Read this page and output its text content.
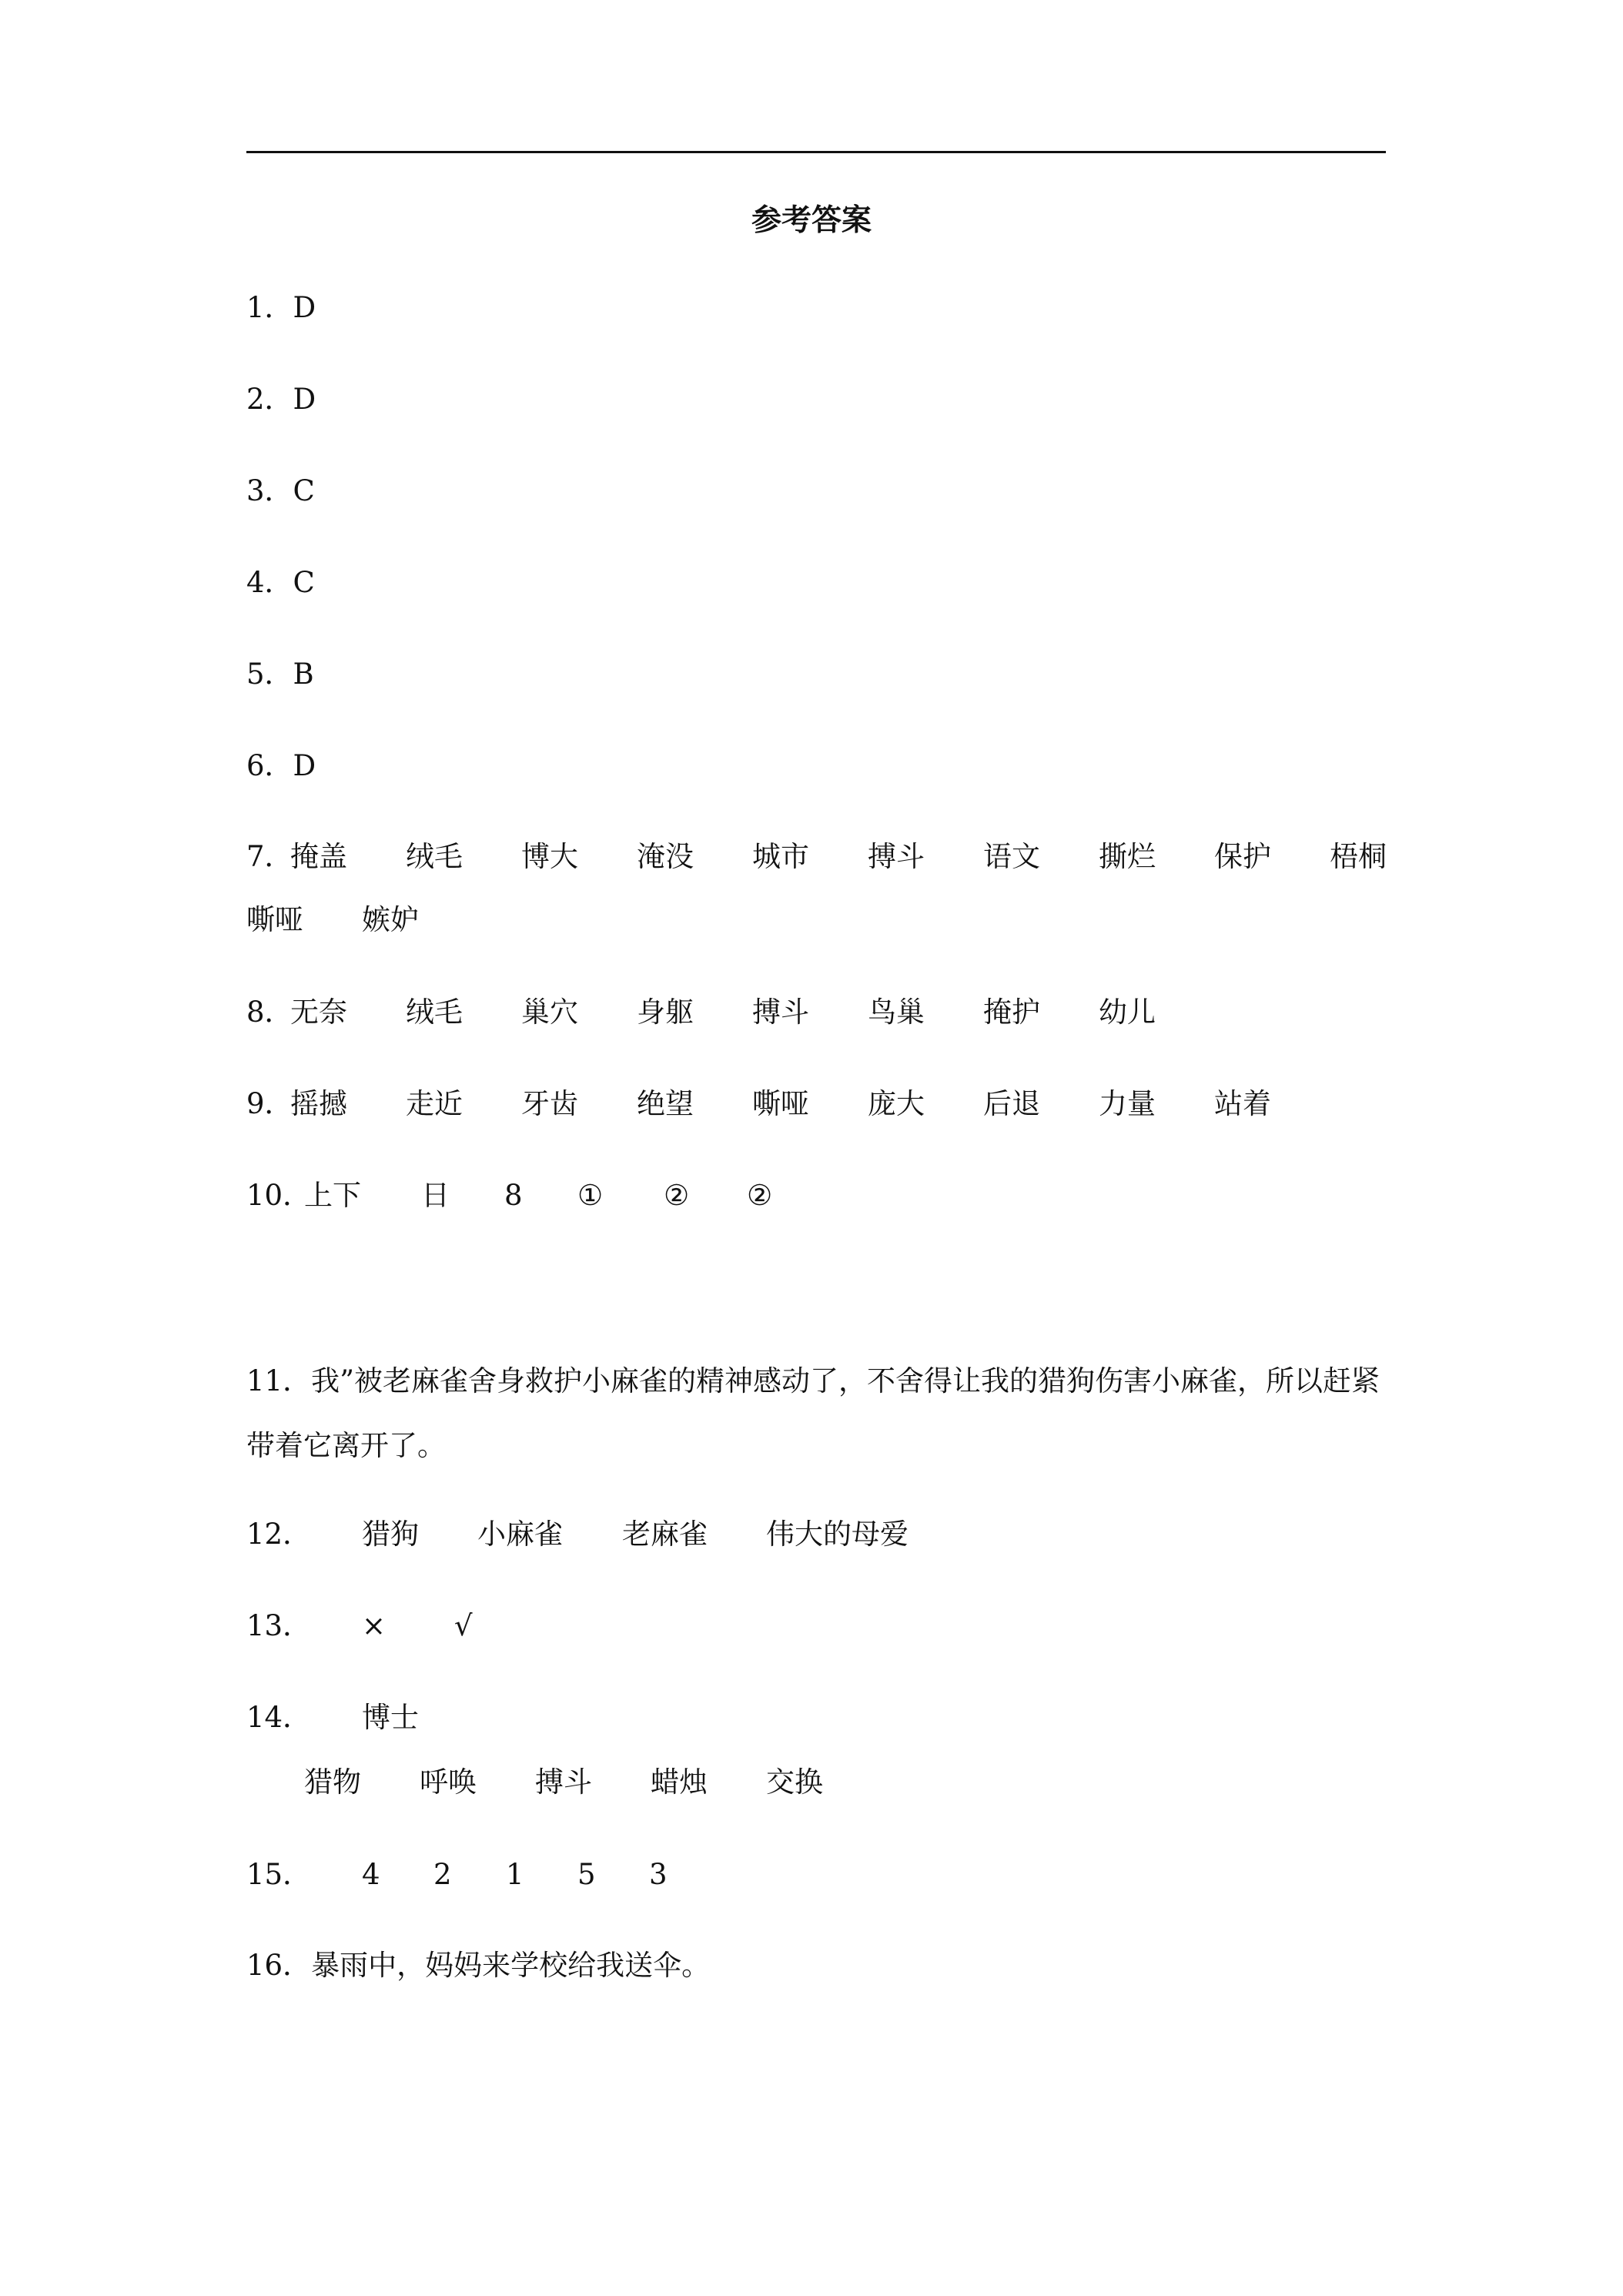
参考答案
1．D
2．D
3．C
4．C
5．B
6．D
7．
掩盖 绒毛 博大 淹没 城市 搏斗 语文 撕烂 保护 梧桐
嘶哑 嫉妒
8．
无奈 绒毛 巢穴 身躯 搏斗 鸟巢 掩护 幼儿
9．
摇撼 走近 牙齿 绝望 嘶哑 庞大 后退 力量 站着
10．
上下 日 8 ① ② ②
11．我”被老麻雀舍身救护小麻雀的精神感动了，不舍得让我的猎狗伤害小麻雀，所以赶紧带着它离开了。
12． 猎狗 小麻雀 老麻雀 伟大的母爱
13． × √
14． 博士
猎物 呼唤 搏斗 蜡烛 交换
15． 4 2 1 5 3
16．暴雨中，妈妈来学校给我送伞。
